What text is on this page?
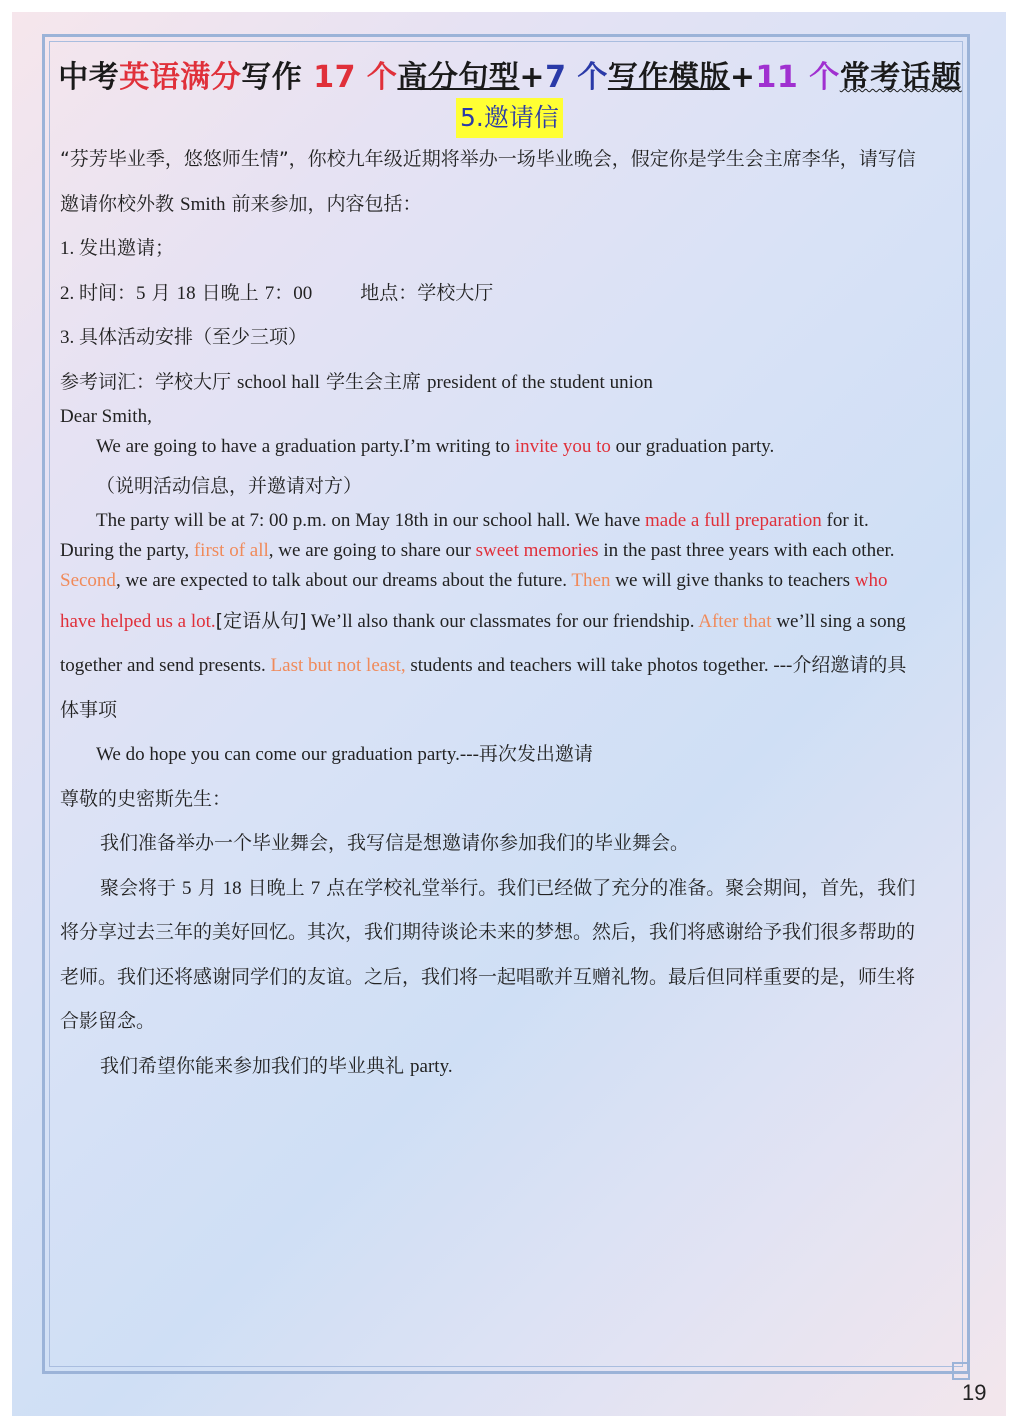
中考英语满分写作 17 个高分句型+7 个写作模版+11 个常考话题
5.邀请信
“芬芳毕业季，悠悠师生情”，你校九年级近期将举办一场毕业晚会，假定你是学生会主席李华，请写信
邀请你校外教 Smith 前来参加，内容包括：
1. 发出邀请；
2. 时间：5 月 18 日晚上 7：00	地点：学校大厅
3. 具体活动安排（至少三项）
参考词汇：学校大厅 school hall 学生会主席 president of the student union
Dear Smith,
We are going to have a graduation party.I’m writing to invite you to our graduation party.
（说明活动信息，并邀请对方）
The party will be at 7: 00 p.m. on May 18th in our school hall. We have made a full preparation for it.
During the party, first of all, we are going to share our sweet memories in the past three years with each other.
Second, we are expected to talk about our dreams about the future. Then we will give thanks to teachers who
have helped us a lot.[定语从句] We’ll also thank our classmates for our friendship. After that we’ll sing a song
together and send presents. Last but not least, students and teachers will take photos together. ---介绍邀请的具
体事项
We do hope you can come our graduation party.---再次发出邀请
尊敬的史密斯先生：
我们准备举办一个毕业舞会，我写信是想邀请你参加我们的毕业舞会。
聚会将于 5 月 18 日晚上 7 点在学校礼堂举行。我们已经做了充分的准备。聚会期间，首先，我们
将分享过去三年的美好回忆。其次，我们期待谈论未来的梦想。然后，我们将感谢给予我们很多帮助的
老师。我们还将感谢同学们的友谊。之后，我们将一起唱歌并互赠礼物。最后但同样重要的是，师生将
合影留念。
我们希望你能来参加我们的毕业典礼 party.
19
